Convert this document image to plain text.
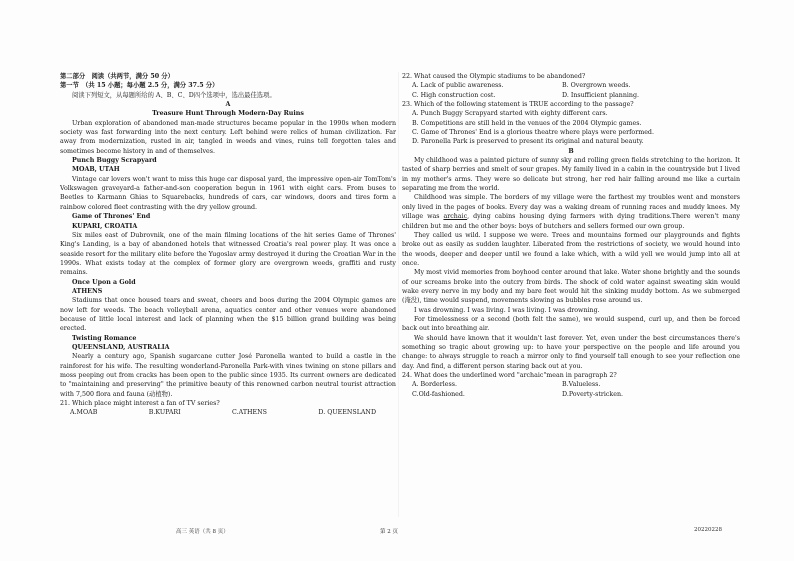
第二部分　阅读（共两节，满分 50 分）

第一节　（共 15 小题；每小题 2.5 分，满分 37.5 分）

阅读下列短文，从每题所给的 A、B、C、D四个选项中，选出最佳选项。

A

Treasure Hunt Through Modern-Day Ruins

Urban exploration of abandoned man-made structures became popular in the 1990s when modern society was fast forwarding into the next century. Left behind were relics of human civilization. Far away from modernization, rusted in air, tangled in weeds and vines, ruins tell forgotten tales and sometimes become history in and of themselves.

Punch Buggy Scrapyard

MOAB, UTAH

Vintage car lovers won't want to miss this huge car disposal yard, the impressive open-air TomTom's Volkswagen graveyard-a father-and-son cooperation begun in 1961 with eight cars. From buses to Beetles to Karmann Ghias to Squarebacks, hundreds of cars, car windows, doors and tires form a rainbow colored fleet contrasting with the dry yellow ground.

Game of Thrones' End

KUPARI, CROATIA

Six miles east of Dubrovnik, one of the main filming locations of the hit series Game of Thrones' King's Landing, is a bay of abandoned hotels that witnessed Croatia's real power play. It was once a seaside resort for the military elite before the Yugoslav army destroyed it during the Croatian War in the 1990s. What exists today at the complex of former glory are overgrown weeds, graffiti and rusty remains.

Once Upon a Gold

ATHENS

Stadiums that once housed tears and sweat, cheers and boos during the 2004 Olympic games are now left for weeds. The beach volleyball arena, aquatics center and other venues were abandoned because of little local interest and lack of planning when the $15 billion grand building was being erected.

Twisting Romance

QUEENSLAND, AUSTRALIA

Nearly a century ago, Spanish sugarcane cutter José Paronella wanted to build a castle in the rainforest for his wife. The resulting wonderland-Paronella Park-with vines twining on stone pillars and moss peeping out from cracks has been open to the public since 1935. Its current owners are dedicated to "maintaining and preserving" the primitive beauty of this renowned carbon neutral tourist attraction with 7,500 flora and fauna (动植物).

21. Which place might interest a fan of TV series?

A.MOAB	B.KUPARI	C.ATHENS	D. QUEENSLAND

22. What caused the Olympic stadiums to be abandoned?

A. Lack of public awareness.	B. Overgrown weeds.
C. High construction cost.	D. Insufficient planning.

23. Which of the following statement is TRUE according to the passage?

A. Punch Buggy Scrapyard started with eighty different cars.

B. Competitions are still held in the venues of the 2004 Olympic games.

C. Game of Thrones' End is a glorious theatre where plays were performed.

D. Paronella Park is preserved to present its original and natural beauty.

B

My childhood was a painted picture of sunny sky and rolling green fields stretching to the horizon. It tasted of sharp berries and smelt of sour grapes. My family lived in a cabin in the countryside but I lived in my mother's arms. They were so delicate but strong, her red hair falling around me like a curtain separating me from the world.

Childhood was simple. The borders of my village were the farthest my troubles went and monsters only lived in the pages of books. Every day was a waking dream of running races and muddy knees. My village was archaic, dying cabins housing dying farmers with dying traditions.There weren't many children but me and the other boys: boys of butchers and sellers formed our own group.

They called us wild. I suppose we were. Trees and mountains formed our playgrounds and fights broke out as easily as sudden laughter. Liberated from the restrictions of society, we would hound into the woods, deeper and deeper until we found a lake which, with a wild yell we would jump into all at once.

My most vivid memories from boyhood center around that lake. Water shone brightly and the sounds of our screams broke into the outcry from birds. The shock of cold water against sweating skin would wake every nerve in my body and my bare feet would hit the sinking muddy bottom. As we submerged (淹没), time would suspend, movements slowing as bubbles rose around us.

I was drowning. I was living. I was living. I was drowning.

For timelessness or a second (both felt the same), we would suspend, curl up, and then be forced back out into breathing air.

We should have known that it wouldn't last forever. Yet, even under the best circumstances there's something so tragic about growing up: to have your perspective on the people and life around you change: to always struggle to reach a mirror only to find yourself tall enough to see your reflection one day. And find, a different person staring back out at you.

24. What does the underlined word "archaic"mean in paragraph 2?

A. Borderless.	B.Valueless.
C.Old-fashioned.	D.Poverty-stricken.
高三 英语（共 8 页）	第 2 页	20220228
